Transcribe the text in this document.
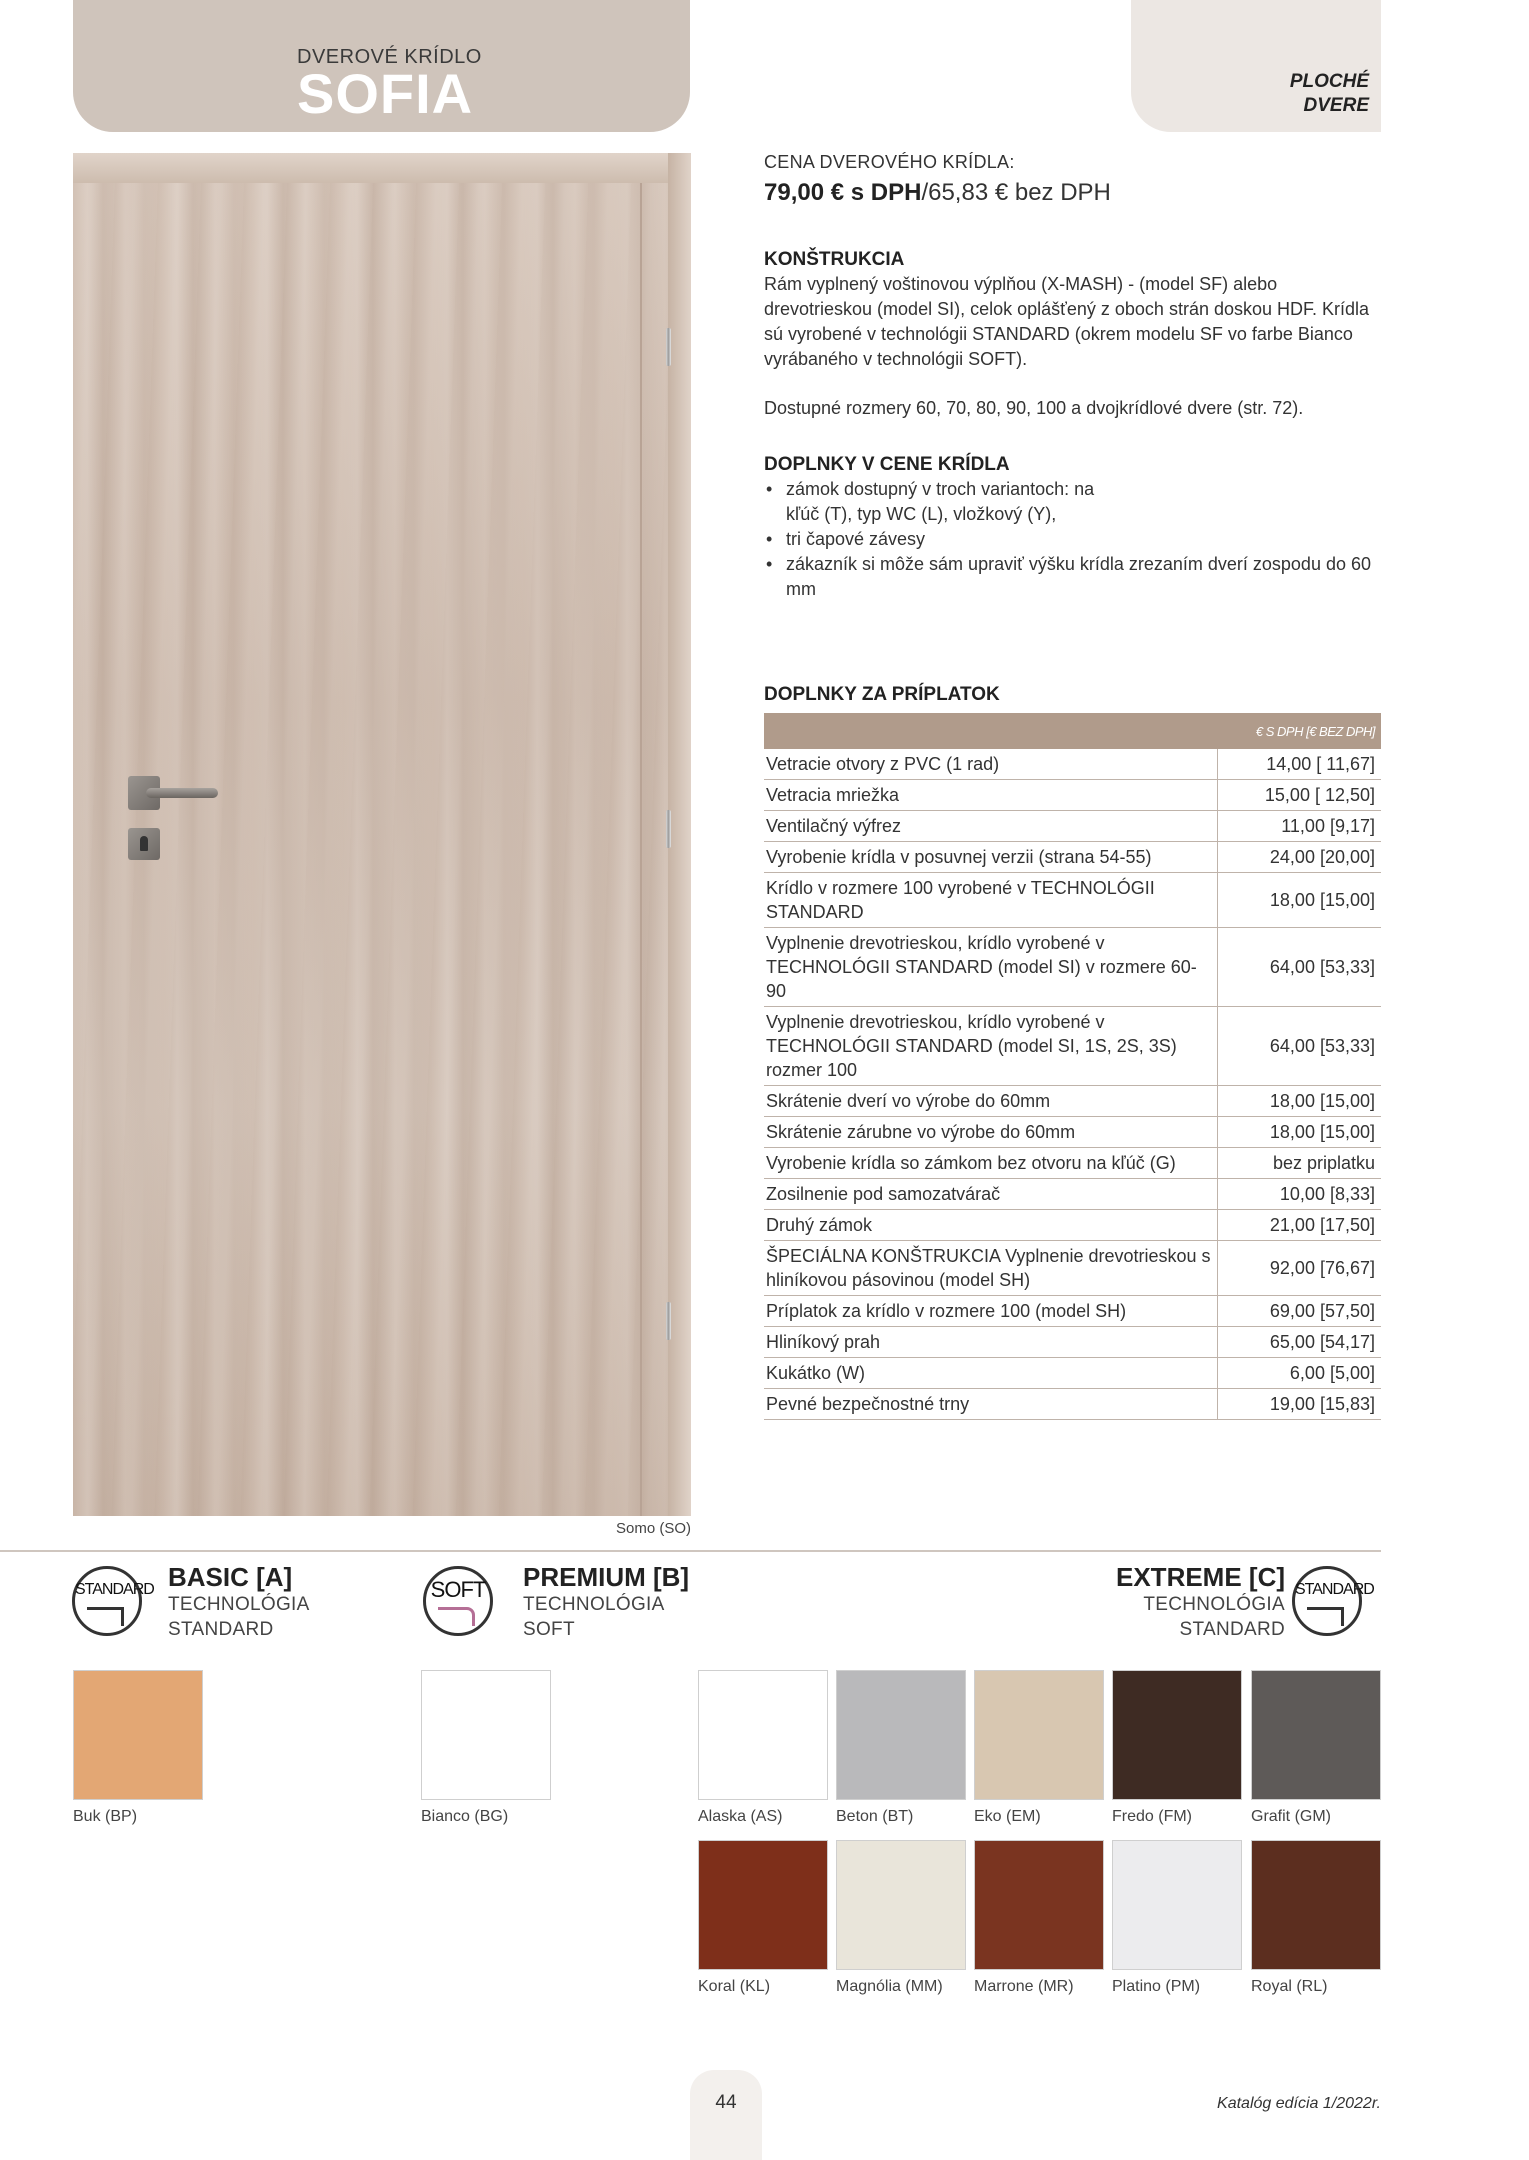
DVEROVÉ KRÍDLO
SOFIA	PLOCHÉ
DVERE
Somo (SO)
CENA DVEROVÉHO KRÍDLA:
79,00 € s DPH/65,83 € bez DPH
KONŠTRUKCIA
Rám vyplnený voštinovou výplňou (X-MASH) - (model SF) alebo drevotrieskou (model SI), celok oplášťený z oboch strán doskou HDF. Krídla sú vyrobené v technológii STANDARD (okrem modelu SF vo farbe Bianco vyrábaného v technológii SOFT).
Dostupné rozmery 60, 70, 80, 90, 100 a dvojkrídlové dvere (str. 72).
DOPLNKY V CENE KRÍDLA
• zámok dostupný v troch variantoch: na kľúč (T), typ WC (L), vložkový (Y),
• tri čapové závesy
• zákazník si môže sám upraviť výšku krídla zrezaním dverí zospodu do 60 mm
DOPLNKY ZA PRÍPLATOK
	€ S DPH [€ BEZ DPH]
Vetracie otvory z PVC (1 rad)	14,00 [ 11,67]
Vetracia mriežka	15,00 [ 12,50]
Ventilačný výfrez	11,00 [9,17]
Vyrobenie krídla v posuvnej verzii (strana 54-55)	24,00 [20,00]
Krídlo v rozmere 100 vyrobené v TECHNOLÓGII STANDARD	18,00 [15,00]
Vyplnenie drevotrieskou, krídlo vyrobené v TECHNOLÓGII STANDARD (model SI) v rozmere 60-90	64,00 [53,33]
Vyplnenie drevotrieskou, krídlo vyrobené v TECHNOLÓGII STANDARD (model SI, 1S, 2S, 3S) rozmer 100	64,00 [53,33]
Skrátenie dverí vo výrobe do 60mm	18,00 [15,00]
Skrátenie zárubne vo výrobe do 60mm	18,00 [15,00]
Vyrobenie krídla so zámkom bez otvoru na kľúč (G)	bez priplatku
Zosilnenie pod samozatvárač	10,00 [8,33]
Druhý zámok	21,00 [17,50]
ŠPECIÁLNA KONŠTRUKCIA Vyplnenie drevotrieskou s hliníkovou pásovinou (model SH)	92,00 [76,67]
Príplatok za krídlo v rozmere 100 (model SH)	69,00 [57,50]
Hliníkový prah	65,00 [54,17]
Kukátko (W)	6,00 [5,00]
Pevné bezpečnostné trny	19,00 [15,83]
STANDARD BASIC [A]
TECHNOLÓGIA
STANDARD
SOFT PREMIUM [B]
TECHNOLÓGIA
SOFT
EXTREME [C]
TECHNOLÓGIA
STANDARD
STANDARD
Buk (BP)	Bianco (BG)	Alaska (AS)	Beton (BT)	Eko (EM)	Fredo (FM)	Grafit (GM)
Koral (KL)	Magnólia (MM) Marrone (MR) Platino (PM)	Royal (RL)
44	Katalóg edícia 1/2022r.
